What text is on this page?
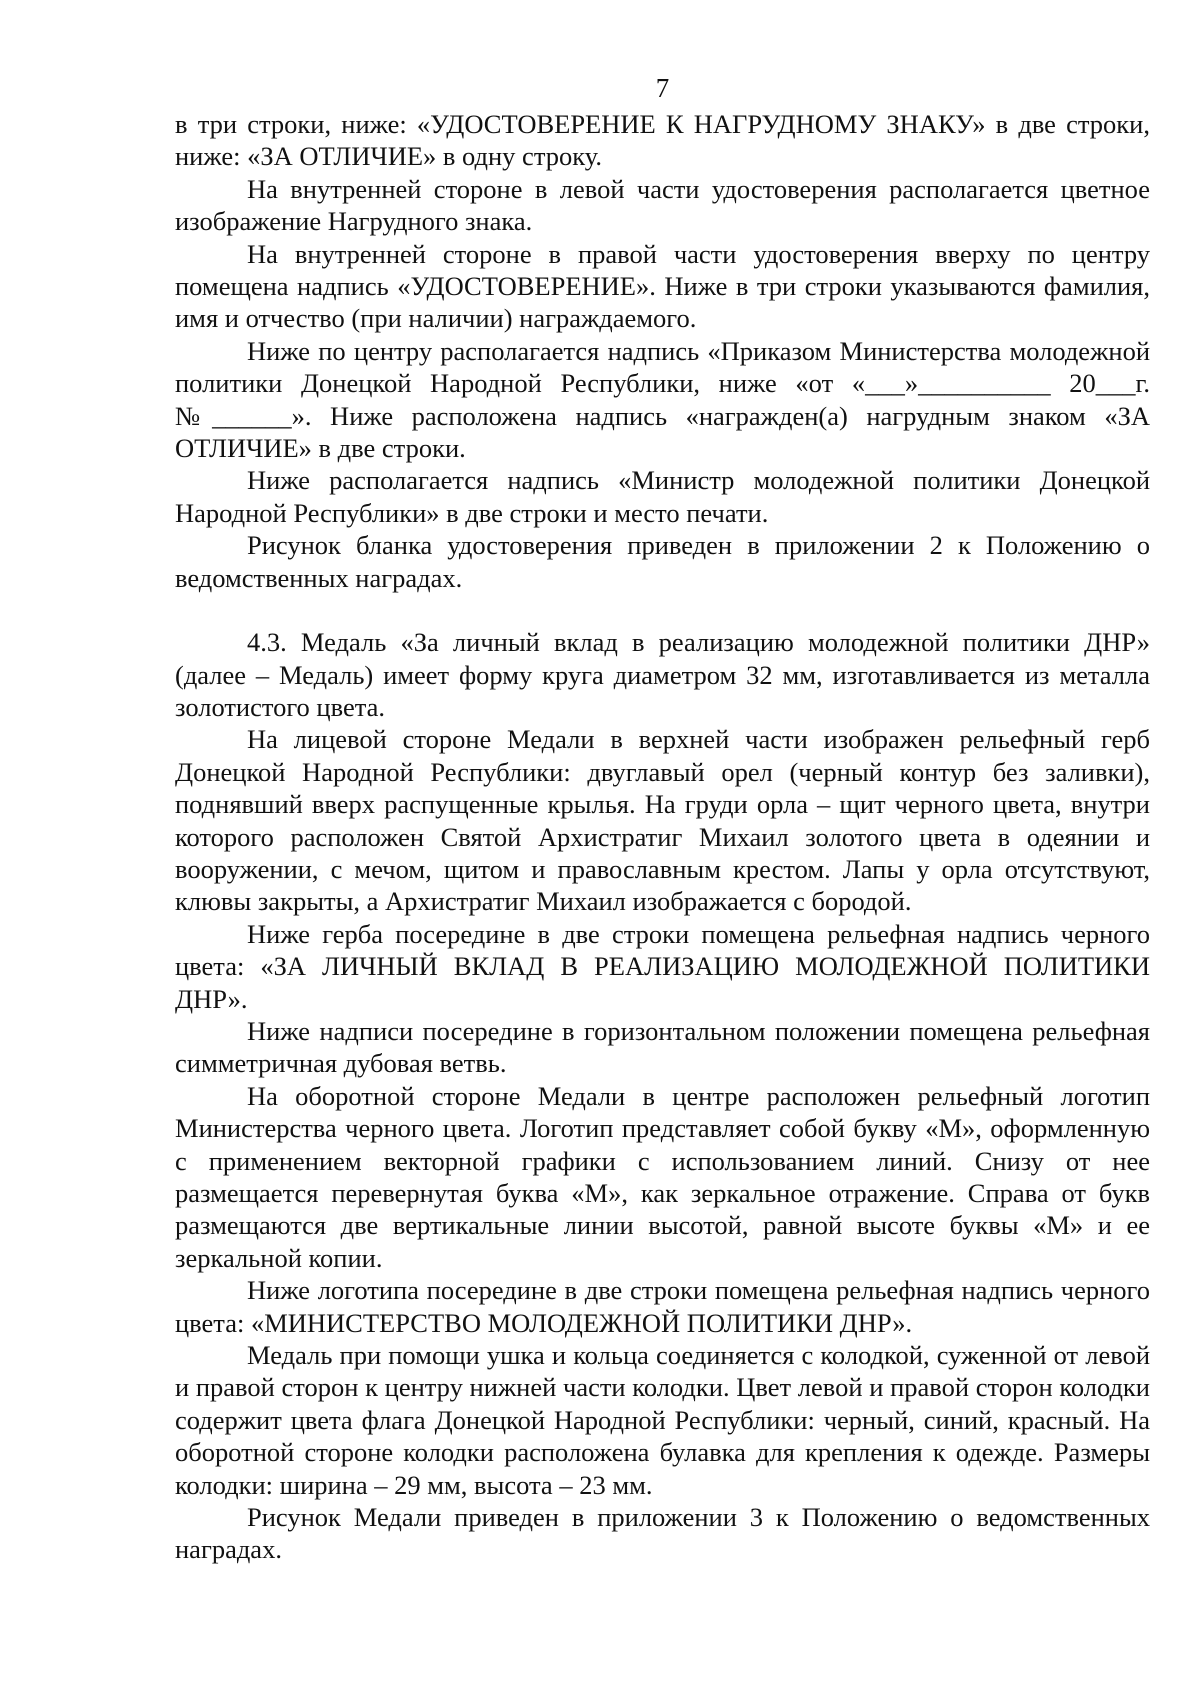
7

в три строки, ниже: «УДОСТОВЕРЕНИЕ К НАГРУДНОМУ ЗНАКУ» в две строки, ниже: «ЗА ОТЛИЧИЕ» в одну строку.

На внутренней стороне в левой части удостоверения располагается цветное изображение Нагрудного знака.

На внутренней стороне в правой части удостоверения вверху по центру помещена надпись «УДОСТОВЕРЕНИЕ». Ниже в три строки указываются фамилия, имя и отчество (при наличии) награждаемого.

Ниже по центру располагается надпись «Приказом Министерства молодежной политики Донецкой Народной Республики, ниже «от «___»__________ 20___г. №______». Ниже расположена надпись «награжден(а) нагрудным знаком «ЗА ОТЛИЧИЕ» в две строки.

Ниже располагается надпись «Министр молодежной политики Донецкой Народной Республики» в две строки и место печати.

Рисунок бланка удостоверения приведен в приложении 2 к Положению о ведомственных наградах.

4.3. Медаль «За личный вклад в реализацию молодежной политики ДНР» (далее – Медаль) имеет форму круга диаметром 32 мм, изготавливается из металла золотистого цвета.

На лицевой стороне Медали в верхней части изображен рельефный герб Донецкой Народной Республики: двуглавый орел (черный контур без заливки), поднявший вверх распущенные крылья. На груди орла – щит черного цвета, внутри которого расположен Святой Архистратиг Михаил золотого цвета в одеянии и вооружении, с мечом, щитом и православным крестом. Лапы у орла отсутствуют, клювы закрыты, а Архистратиг Михаил изображается с бородой.

Ниже герба посередине в две строки помещена рельефная надпись черного цвета: «ЗА ЛИЧНЫЙ ВКЛАД В РЕАЛИЗАЦИЮ МОЛОДЕЖНОЙ ПОЛИТИКИ ДНР».

Ниже надписи посередине в горизонтальном положении помещена рельефная симметричная дубовая ветвь.

На оборотной стороне Медали в центре расположен рельефный логотип Министерства черного цвета. Логотип представляет собой букву «М», оформленную с применением векторной графики с использованием линий. Снизу от нее размещается перевернутая буква «М», как зеркальное отражение. Справа от букв размещаются две вертикальные линии высотой, равной высоте буквы «М» и ее зеркальной копии.

Ниже логотипа посередине в две строки помещена рельефная надпись черного цвета: «МИНИСТЕРСТВО МОЛОДЕЖНОЙ ПОЛИТИКИ ДНР».

Медаль при помощи ушка и кольца соединяется с колодкой, суженной от левой и правой сторон к центру нижней части колодки. Цвет левой и правой сторон колодки содержит цвета флага Донецкой Народной Республики: черный, синий, красный. На оборотной стороне колодки расположена булавка для крепления к одежде. Размеры колодки: ширина – 29 мм, высота – 23 мм.

Рисунок Медали приведен в приложении 3 к Положению о ведомственных наградах.
